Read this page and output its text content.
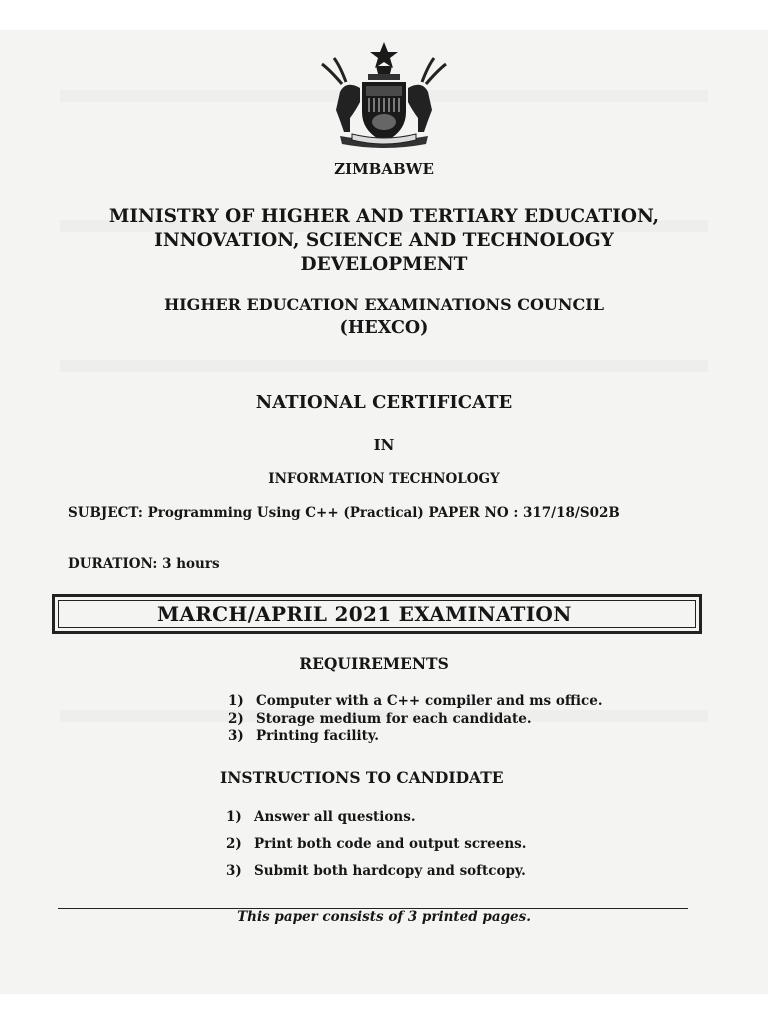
ZIMBABWE
MINISTRY OF HIGHER AND TERTIARY EDUCATION,
INNOVATION, SCIENCE AND TECHNOLOGY
DEVELOPMENT
HIGHER EDUCATION EXAMINATIONS COUNCIL
(HEXCO)
NATIONAL CERTIFICATE
IN
INFORMATION TECHNOLOGY
SUBJECT: Programming Using C++ (Practical) PAPER NO : 317/18/S02B
DURATION: 3 hours
MARCH/APRIL 2021 EXAMINATION
REQUIREMENTS
1) Computer with a C++ compiler and ms office.
2) Storage medium for each candidate.
3) Printing facility.
INSTRUCTIONS TO CANDIDATE
1) Answer all questions.
2) Print both code and output screens.
3) Submit both hardcopy and softcopy.
This paper consists of 3 printed pages.
